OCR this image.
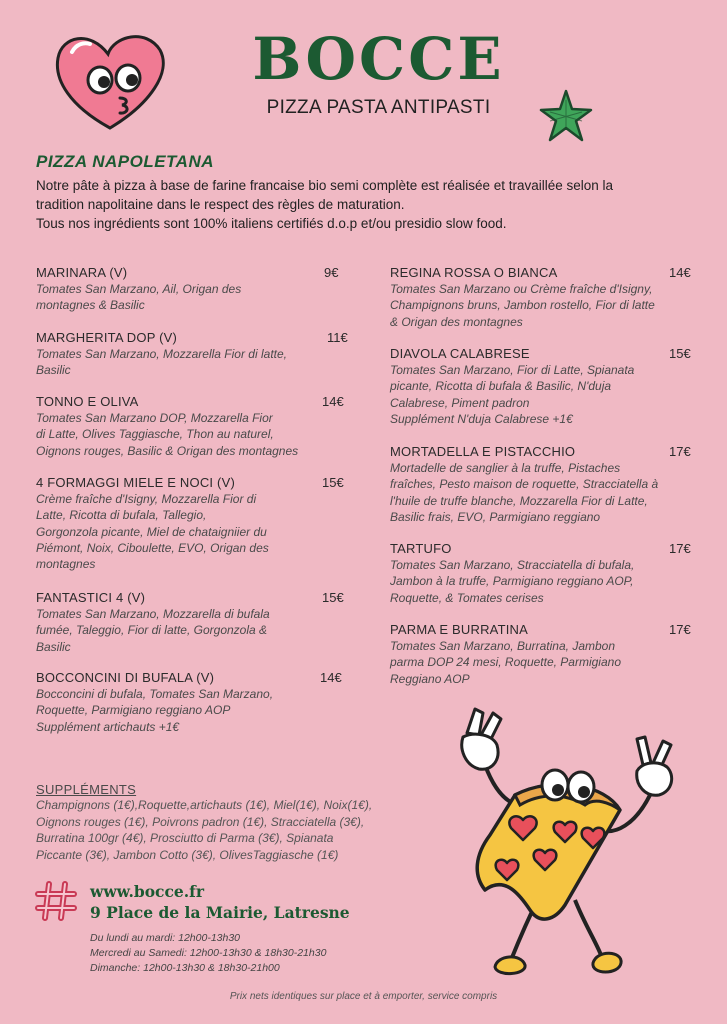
BOCCE
PIZZA PASTA ANTIPASTI
PIZZA NAPOLETANA

Notre pâte à pizza à base de farine francaise bio semi complète est réalisée et travaillée selon la

tradition napolitaine dans le respect des règles de maturation.

Tous nos ingrédients sont 100% italiens certifiés d.o.p et/ou presidio slow food.

MARINARA (V)	9€
Tomates San Marzano, Ail, Origan des
montagnes & Basilic
MARGHERITA DOP (V)	11€
Tomates San Marzano, Mozzarella Fior di latte,
Basilic
TONNO E OLIVA	14€
Tomates San Marzano DOP, Mozzarella Fior
di Latte, Olives Taggiasche, Thon au naturel,
Oignons rouges, Basilic & Origan des montagnes
4 FORMAGGI MIELE E NOCI (V)	15€
Crème fraîche d'Isigny, Mozzarella Fior di
Latte, Ricotta di bufala, Tallegio,
Gorgonzola picante, Miel de chataigniier du
Piémont, Noix, Ciboulette, EVO, Origan des
montagnes
FANTASTICI 4 (V)	15€
Tomates San Marzano, Mozzarella di bufala
fumée, Taleggio, Fior di latte, Gorgonzola &
Basilic
BOCCONCINI DI BUFALA (V)	14€
Bocconcini di bufala, Tomates San Marzano,
Roquette, Parmigiano reggiano AOP
Supplément artichauts +1€
REGINA ROSSA O BIANCA	14€
Tomates San Marzano ou Crème fraîche d'Isigny,
Champignons bruns, Jambon rostello, Fior di latte
& Origan des montagnes
DIAVOLA CALABRESE	15€
Tomates San Marzano, Fior di Latte, Spianata
picante, Ricotta di bufala & Basilic, N'duja
Calabrese, Piment padron
Supplément N'duja Calabrese +1€
MORTADELLA E PISTACCHIO	17€
Mortadelle de sanglier à la truffe, Pistaches
fraîches, Pesto maison de roquette, Stracciatella à
l'huile de truffe blanche, Mozzarella Fior di Latte,
Basilic frais, EVO, Parmigiano reggiano
TARTUFO	17€
Tomates San Marzano, Stracciatella di bufala,
Jambon à la truffe, Parmigiano reggiano AOP,
Roquette, & Tomates cerises
PARMA E BURRATINA	17€
Tomates San Marzano, Burratina, Jambon
parma DOP 24 mesi, Roquette, Parmigiano
Reggiano AOP
SUPPLÉMENTS
Champignons (1€),Roquette,artichauts (1€), Miel(1€), Noix(1€),
Oignons rouges (1€), Poivrons padron (1€), Stracciatella (3€),
Burratina 100gr (4€), Prosciutto di Parma (3€), Spianata
Piccante (3€), Jambon Cotto (3€), OlivesTaggiasche (1€)
www.bocce.fr
9 Place de la Mairie, Latresne

Du lundi au mardi: 12h00-13h30

Mercredi au Samedi: 12h00-13h30 & 18h30-21h30

Dimanche: 12h00-13h30 & 18h30-21h00

Prix nets identiques sur place et à emporter, service compris
